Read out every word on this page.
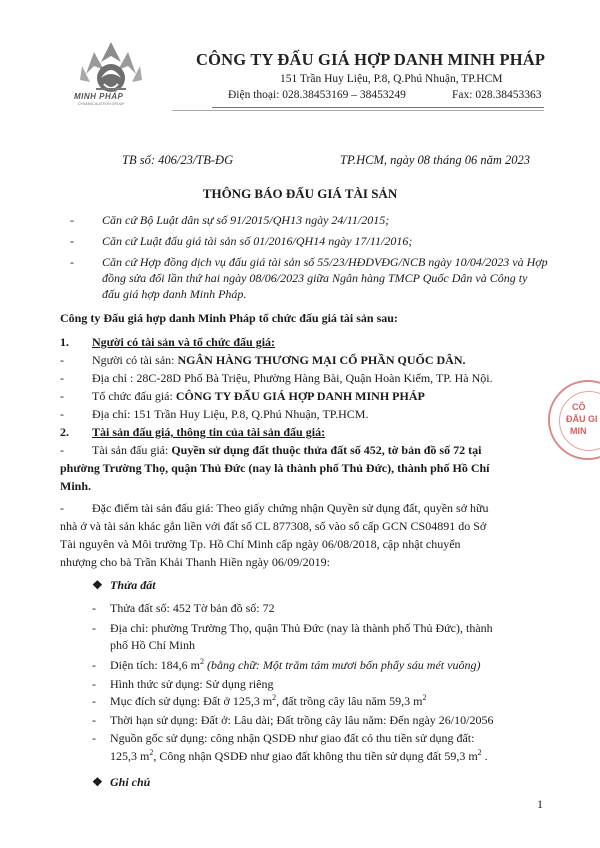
MINH PHÁP
DYNAMIC AUCTION GROUP
CÔNG TY ĐẤU GIÁ HỢP DANH MINH PHÁP
151 Trần Huy Liệu, P.8, Q.Phú Nhuận, TP.HCM
Điện thoại: 028.38453169 – 38453249	Fax: 028.38453363
TB số: 406/23/TB-ĐG	TP.HCM, ngày 08 tháng 06 năm 2023
THÔNG BÁO ĐẤU GIÁ TÀI SẢN
- Căn cứ Bộ Luật dân sự số 91/2015/QH13 ngày 24/11/2015;
- Căn cứ Luật đấu giá tài sản số 01/2016/QH14 ngày 17/11/2016;
- Căn cứ Hợp đồng dịch vụ đấu giá tài sản số 55/23/HĐDVĐG/NCB ngày 10/04/2023 và Hợp
đồng sửa đổi lần thứ hai ngày 08/06/2023 giữa Ngân hàng TMCP Quốc Dân và Công ty
đấu giá hợp danh Minh Pháp.
Công ty Đấu giá hợp danh Minh Pháp tổ chức đấu giá tài sản sau:
1. Người có tài sản và tổ chức đấu giá:
- Người có tài sản: NGÂN HÀNG THƯƠNG MẠI CỔ PHẦN QUỐC DÂN.
- Địa chỉ : 28C-28D Phố Bà Triệu, Phường Hàng Bài, Quận Hoàn Kiếm, TP. Hà Nội.
- Tổ chức đấu giá: CÔNG TY ĐẤU GIÁ HỢP DANH MINH PHÁP
- Địa chỉ: 151 Trần Huy Liệu, P.8, Q.Phú Nhuận, TP.HCM.
2. Tài sản đấu giá, thông tin của tài sản đấu giá:
- Tài sản đấu giá: Quyền sử dụng đất thuộc thửa đất số 452, tờ bản đồ số 72 tại
phường Trường Thọ, quận Thủ Đức (nay là thành phố Thủ Đức), thành phố Hồ Chí
Minh.
- Đặc điểm tài sản đấu giá: Theo giấy chứng nhận Quyền sử dụng đất, quyền sở hữu
nhà ở và tài sản khác gắn liền với đất số CL 877308, số vào sổ cấp GCN CS04891 do Sở
Tài nguyên và Môi trường Tp. Hồ Chí Minh cấp ngày 06/08/2018, cập nhật chuyển
nhượng cho bà Trần Khải Thanh Hiền ngày 06/09/2019:
❖ Thửa đất
- Thửa đất số: 452 Tờ bản đồ số: 72
- Địa chỉ: phường Trường Thọ, quận Thủ Đức (nay là thành phố Thủ Đức), thành
phố Hồ Chí Minh
- Diện tích: 184,6 $m^2$ (bằng chữ: Một trăm tám mươi bốn phẩy sáu mét vuông)
- Hình thức sử dụng: Sử dụng riêng
- Mục đích sử dụng: Đất ở 125,3 $m^2$, đất trồng cây lâu năm 59,3 $m^2$
- Thời hạn sử dụng: Đất ở: Lâu dài; Đất trồng cây lâu năm: Đến ngày 26/10/2056
- Nguồn gốc sử dụng: công nhận QSDĐ như giao đất có thu tiền sử dụng đất:
125,3 $m^2$, Công nhận QSDĐ như giao đất không thu tiền sử dụng đất 59,3 $m^2$ .
❖ Ghi chú
CÔ
ĐẤU GI
MIN
1
